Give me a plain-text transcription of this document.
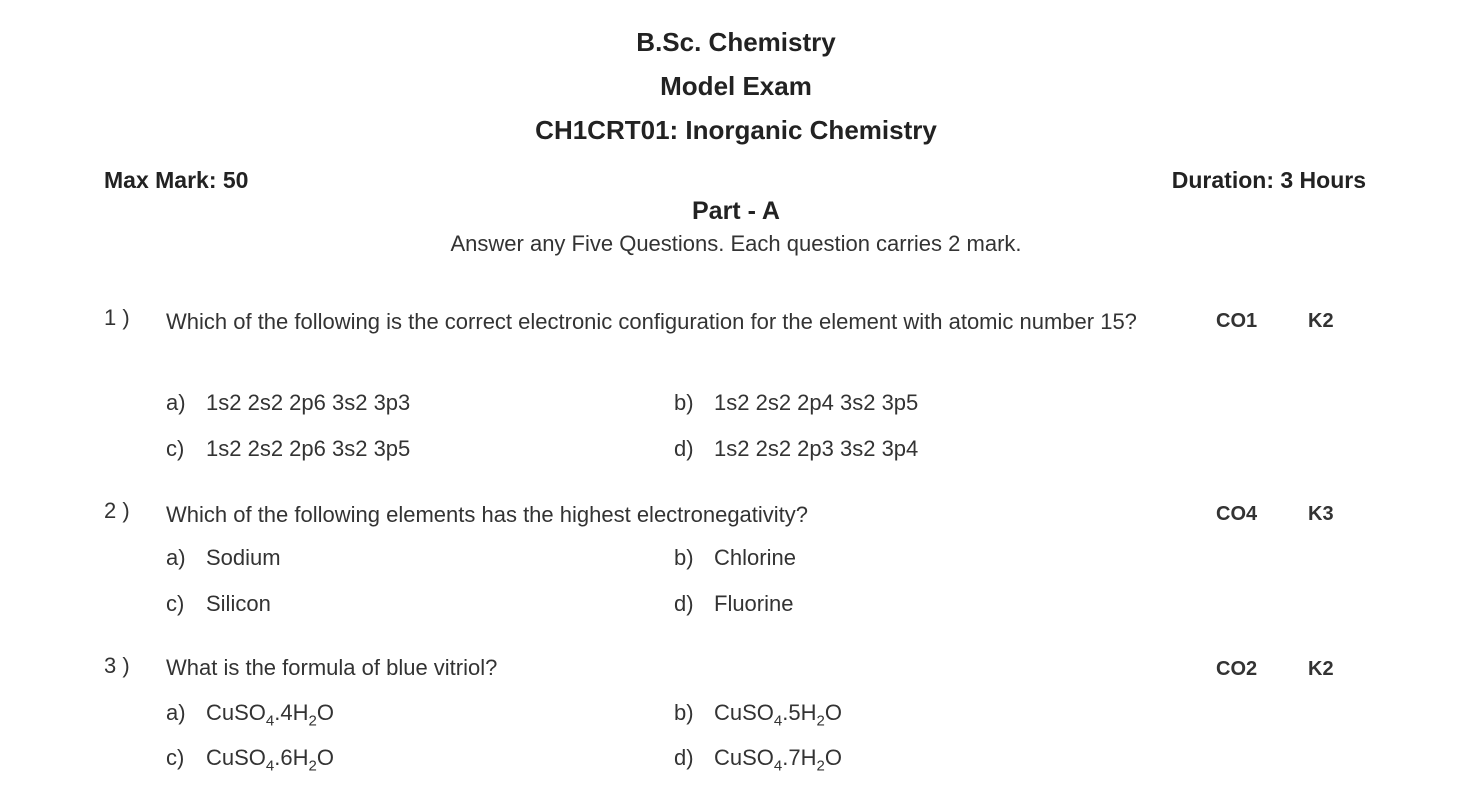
B.Sc. Chemistry
Model Exam
CH1CRT01: Inorganic Chemistry
Max Mark: 50	Duration: 3 Hours
Part - A
Answer any Five Questions. Each question carries 2 mark.
1 ) Which of the following is the correct electronic configuration for the element with atomic number 15?	CO1	K2
a) 1s2 2s2 2p6 3s2 3p3	b) 1s2 2s2 2p4 3s2 3p5
c) 1s2 2s2 2p6 3s2 3p5	d) 1s2 2s2 2p3 3s2 3p4
2 ) Which of the following elements has the highest electronegativity?	CO4	K3
a) Sodium	b) Chlorine
c) Silicon	d) Fluorine
3 ) What is the formula of blue vitriol?	CO2	K2
a) $CuSO_4.4H_2O$	b) $CuSO_4.5H_2O$
c) $CuSO_4.6H_2O$	d) $CuSO_4.7H_2O$
